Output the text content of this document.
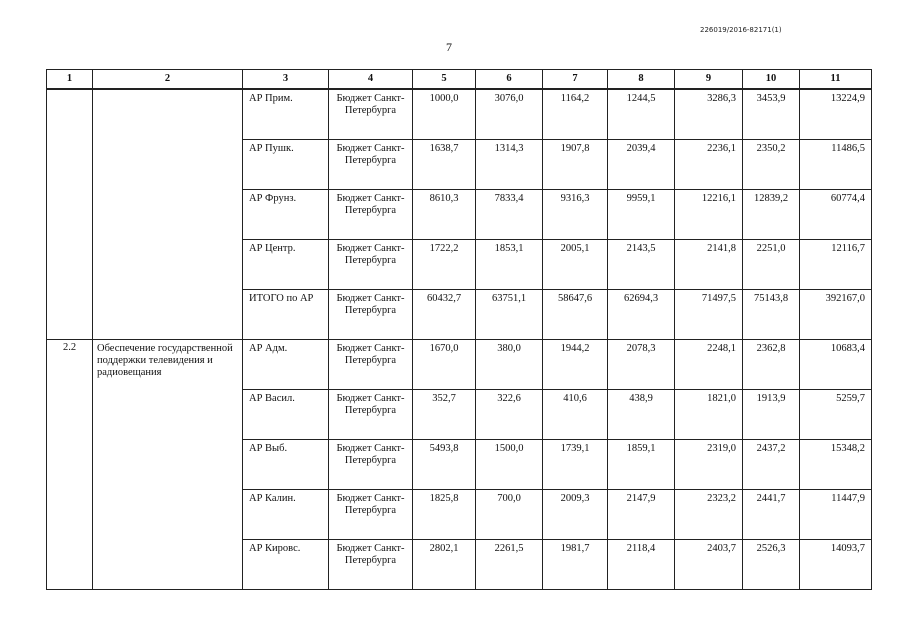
226019/2016-82171(1)
7
1	2	3	4	5	6	7	8	9	10	11
		АР Прим.	Бюджет Санкт-Петербурга	1000,0	3076,0	1164,2	1244,5	3286,3	3453,9	13224,9
		АР Пушк.	Бюджет Санкт-Петербурга	1638,7	1314,3	1907,8	2039,4	2236,1	2350,2	11486,5
		АР Фрунз.	Бюджет Санкт-Петербурга	8610,3	7833,4	9316,3	9959,1	12216,1	12839,2	60774,4
		АР Центр.	Бюджет Санкт-Петербурга	1722,2	1853,1	2005,1	2143,5	2141,8	2251,0	12116,7
		ИТОГО по АР	Бюджет Санкт-Петербурга	60432,7	63751,1	58647,6	62694,3	71497,5	75143,8	392167,0
2.2	Обеспечение государственной поддержки телевидения и радиовещания	АР Адм.	Бюджет Санкт-Петербурга	1670,0	380,0	1944,2	2078,3	2248,1	2362,8	10683,4
		АР Васил.	Бюджет Санкт-Петербурга	352,7	322,6	410,6	438,9	1821,0	1913,9	5259,7
		АР Выб.	Бюджет Санкт-Петербурга	5493,8	1500,0	1739,1	1859,1	2319,0	2437,2	15348,2
		АР Калин.	Бюджет Санкт-Петербурга	1825,8	700,0	2009,3	2147,9	2323,2	2441,7	11447,9
		АР Кировс.	Бюджет Санкт-Петербурга	2802,1	2261,5	1981,7	2118,4	2403,7	2526,3	14093,7
